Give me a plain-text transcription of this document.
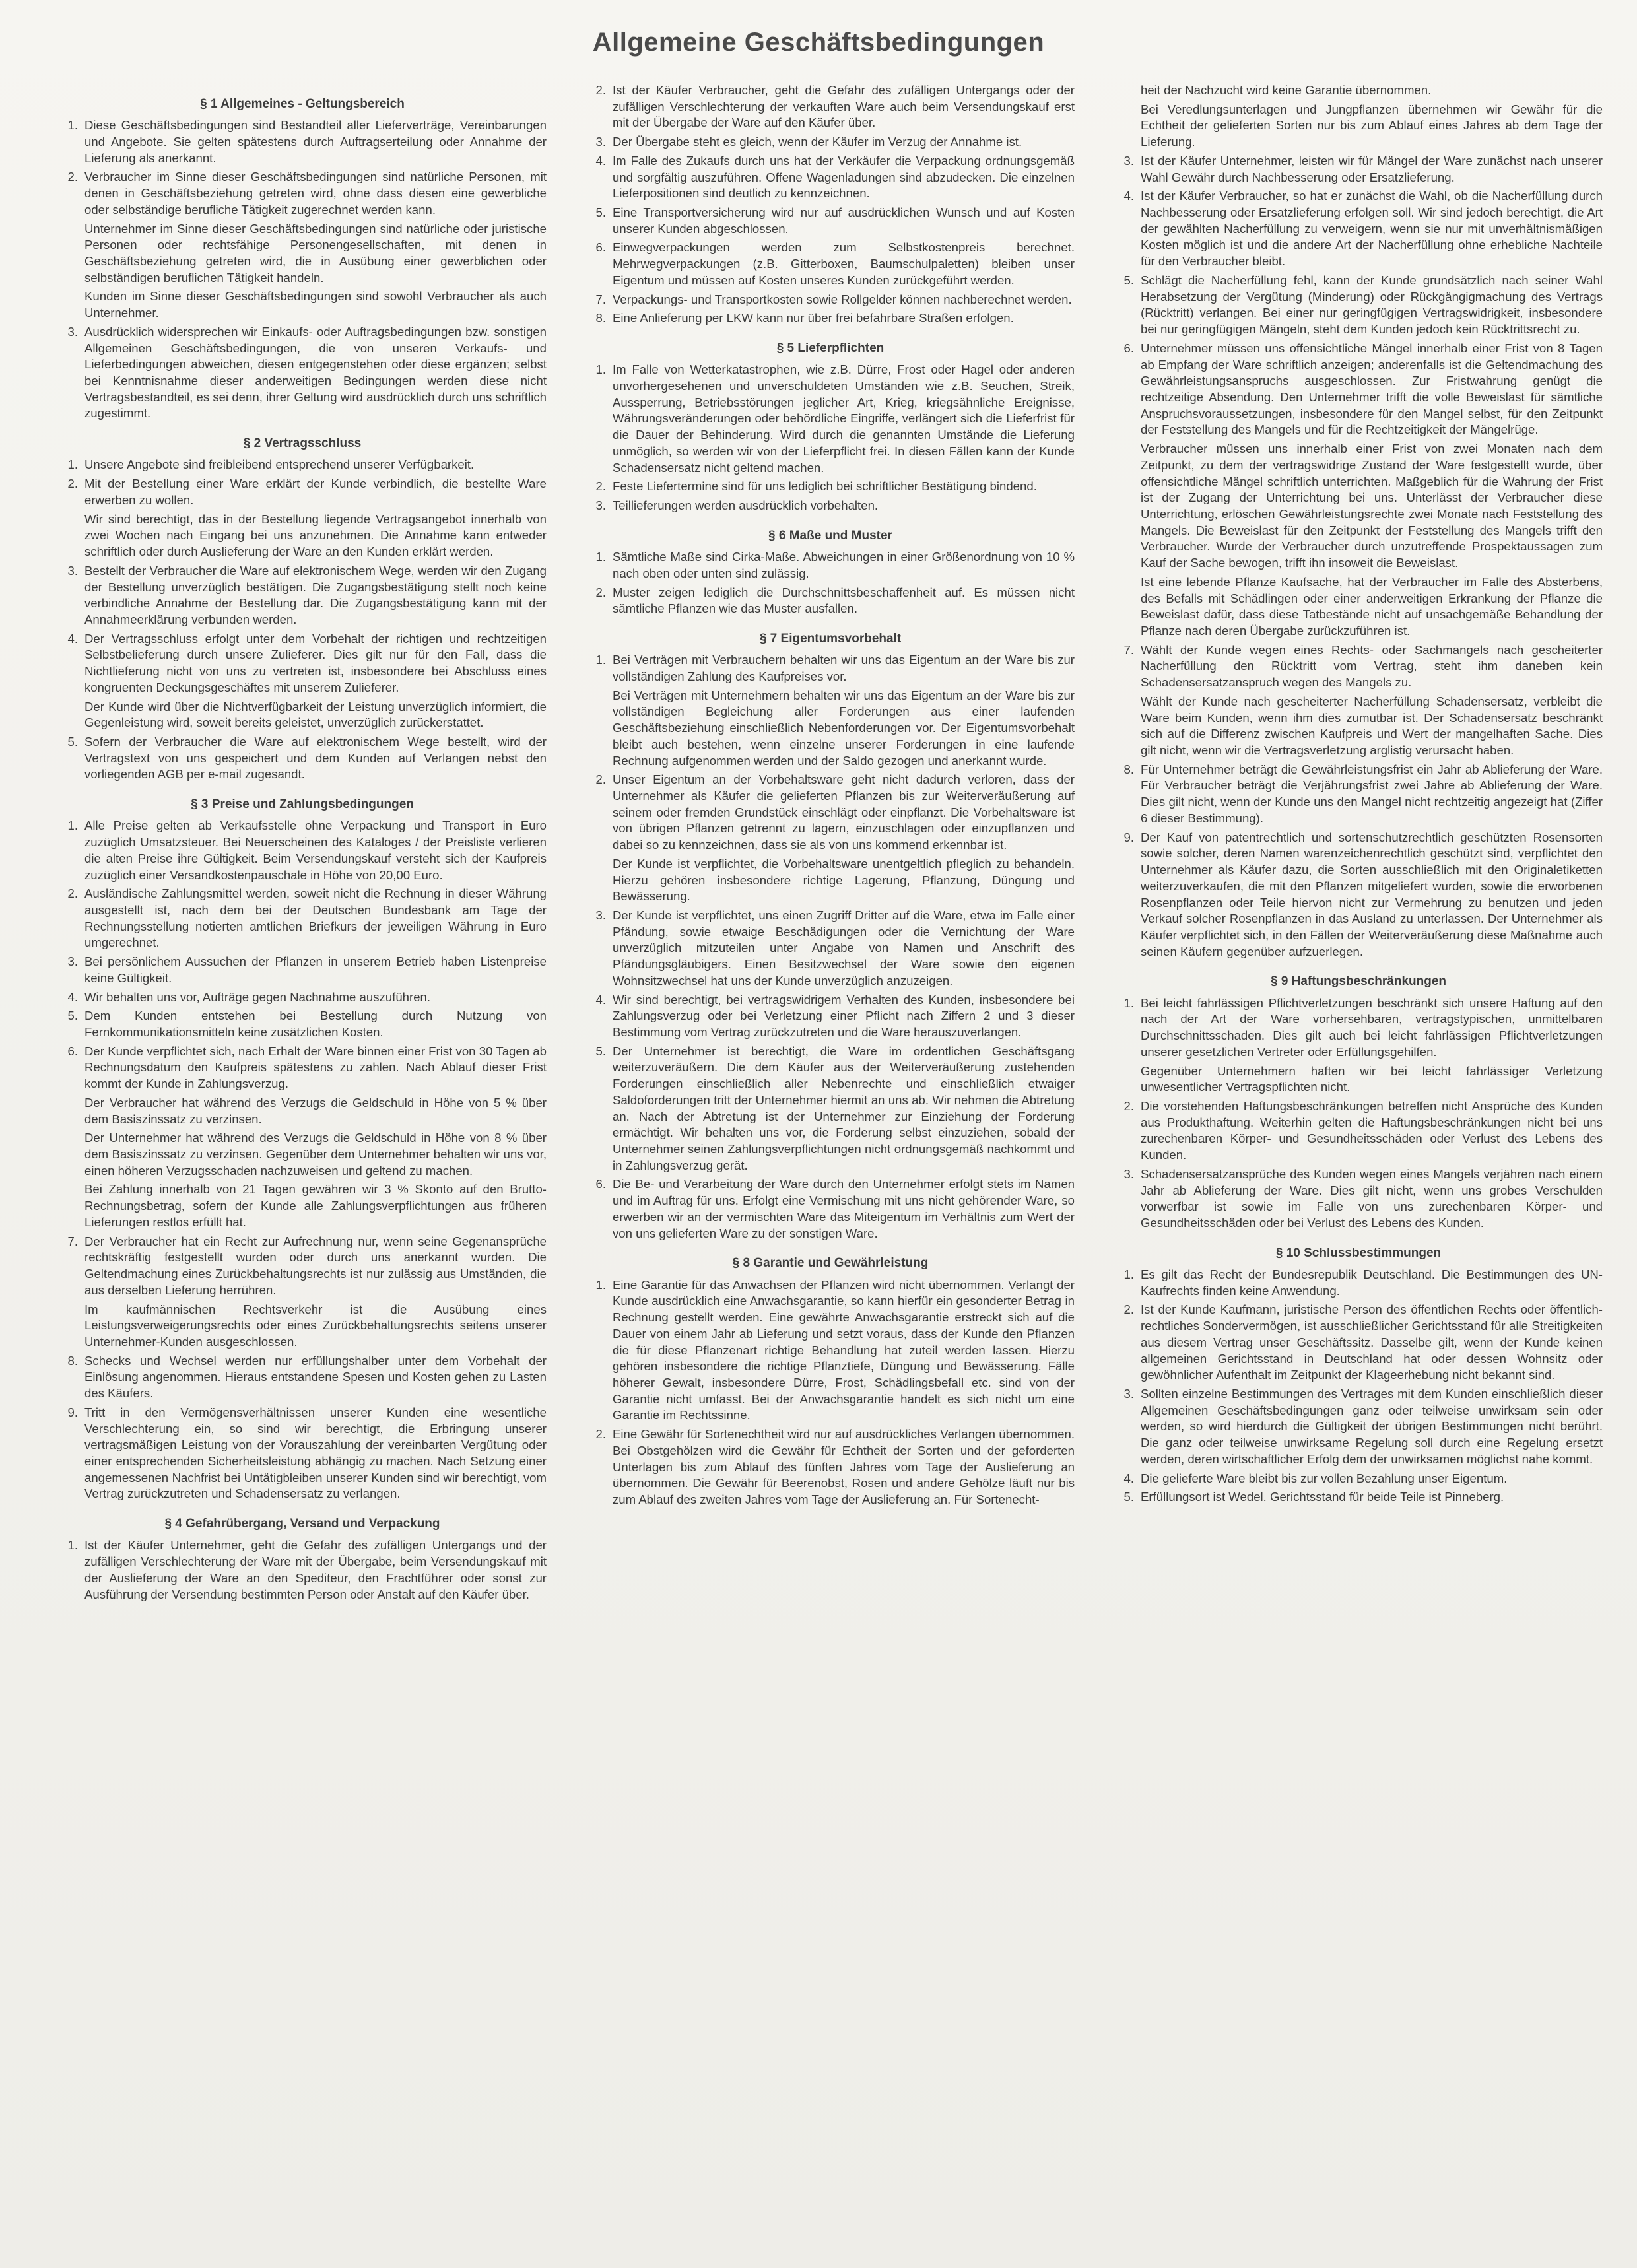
Allgemeine Geschäftsbedingungen
§ 1 Allgemeines - Geltungsbereich
1. Diese Geschäftsbedingungen sind Bestandteil aller Lieferverträge, Vereinbarungen und Angebote. Sie gelten spätestens durch Auftragserteilung oder Annahme der Lieferung als anerkannt.
2. Verbraucher im Sinne dieser Geschäftsbedingungen sind natürliche Personen, mit denen in Geschäftsbeziehung getreten wird, ohne dass diesen eine gewerbliche oder selbständige berufliche Tätigkeit zugerechnet werden kann.
Unternehmer im Sinne dieser Geschäftsbedingungen sind natürliche oder juristische Personen oder rechtsfähige Personengesellschaften, mit denen in Geschäftsbeziehung getreten wird, die in Ausübung einer gewerblichen oder selbständigen beruflichen Tätigkeit handeln.
Kunden im Sinne dieser Geschäftsbedingungen sind sowohl Verbraucher als auch Unternehmer.
3. Ausdrücklich widersprechen wir Einkaufs- oder Auftragsbedingungen bzw. sonstigen Allgemeinen Geschäftsbedingungen, die von unseren Verkaufs- und Lieferbedingungen abweichen, diesen entgegenstehen oder diese ergänzen; selbst bei Kenntnisnahme dieser anderweitigen Bedingungen werden diese nicht Vertragsbestandteil, es sei denn, ihrer Geltung wird ausdrücklich durch uns schriftlich zugestimmt.
§ 2 Vertragsschluss
1. Unsere Angebote sind freibleibend entsprechend unserer Verfügbarkeit.
2. Mit der Bestellung einer Ware erklärt der Kunde verbindlich, die bestellte Ware erwerben zu wollen.
Wir sind berechtigt, das in der Bestellung liegende Vertragsangebot innerhalb von zwei Wochen nach Eingang bei uns anzunehmen. Die Annahme kann entweder schriftlich oder durch Auslieferung der Ware an den Kunden erklärt werden.
3. Bestellt der Verbraucher die Ware auf elektronischem Wege, werden wir den Zugang der Bestellung unverzüglich bestätigen. Die Zugangsbestätigung stellt noch keine verbindliche Annahme der Bestellung dar. Die Zugangsbestätigung kann mit der Annahmeerklärung verbunden werden.
4. Der Vertragsschluss erfolgt unter dem Vorbehalt der richtigen und rechtzeitigen Selbstbelieferung durch unsere Zulieferer. Dies gilt nur für den Fall, dass die Nichtlieferung nicht von uns zu vertreten ist, insbesondere bei Abschluss eines kongruenten Deckungsgeschäftes mit unserem Zulieferer.
Der Kunde wird über die Nichtverfügbarkeit der Leistung unverzüglich informiert, die Gegenleistung wird, soweit bereits geleistet, unverzüglich zurückerstattet.
5. Sofern der Verbraucher die Ware auf elektronischem Wege bestellt, wird der Vertragstext von uns gespeichert und dem Kunden auf Verlangen nebst den vorliegenden AGB per e-mail zugesandt.
§ 3 Preise und Zahlungsbedingungen
1. Alle Preise gelten ab Verkaufsstelle ohne Verpackung und Transport in Euro zuzüglich Umsatzsteuer. Bei Neuerscheinen des Kataloges / der Preisliste verlieren die alten Preise ihre Gültigkeit. Beim Versendungskauf versteht sich der Kaufpreis zuzüglich einer Versandkostenpauschale in Höhe von 20,00 Euro.
2. Ausländische Zahlungsmittel werden, soweit nicht die Rechnung in dieser Währung ausgestellt ist, nach dem bei der Deutschen Bundesbank am Tage der Rechnungsstellung notierten amtlichen Briefkurs der jeweiligen Währung in Euro umgerechnet.
3. Bei persönlichem Aussuchen der Pflanzen in unserem Betrieb haben Listenpreise keine Gültigkeit.
4. Wir behalten uns vor, Aufträge gegen Nachnahme auszuführen.
5. Dem Kunden entstehen bei Bestellung durch Nutzung von Fernkommunikationsmitteln keine zusätzlichen Kosten.
6. Der Kunde verpflichtet sich, nach Erhalt der Ware binnen einer Frist von 30 Tagen ab Rechnungsdatum den Kaufpreis spätestens zu zahlen. Nach Ablauf dieser Frist kommt der Kunde in Zahlungsverzug.
Der Verbraucher hat während des Verzugs die Geldschuld in Höhe von 5 % über dem Basiszinssatz zu verzinsen.
Der Unternehmer hat während des Verzugs die Geldschuld in Höhe von 8 % über dem Basiszinssatz zu verzinsen. Gegenüber dem Unternehmer behalten wir uns vor, einen höheren Verzugsschaden nachzuweisen und geltend zu machen.
Bei Zahlung innerhalb von 21 Tagen gewähren wir 3 % Skonto auf den Brutto-Rechnungsbetrag, sofern der Kunde alle Zahlungsverpflichtungen aus früheren Lieferungen restlos erfüllt hat.
7. Der Verbraucher hat ein Recht zur Aufrechnung nur, wenn seine Gegenansprüche rechtskräftig festgestellt wurden oder durch uns anerkannt wurden. Die Geltendmachung eines Zurückbehaltungsrechts ist nur zulässig aus Umständen, die aus derselben Lieferung herrühren.
Im kaufmännischen Rechtsverkehr ist die Ausübung eines Leistungsverweigerungsrechts oder eines Zurückbehaltungsrechts seitens unserer Unternehmer-Kunden ausgeschlossen.
8. Schecks und Wechsel werden nur erfüllungshalber unter dem Vorbehalt der Einlösung angenommen. Hieraus entstandene Spesen und Kosten gehen zu Lasten des Käufers.
9. Tritt in den Vermögensverhältnissen unserer Kunden eine wesentliche Verschlechterung ein, so sind wir berechtigt, die Erbringung unserer vertragsmäßigen Leistung von der Vorauszahlung der vereinbarten Vergütung oder einer entsprechenden Sicherheitsleistung abhängig zu machen. Nach Setzung einer angemessenen Nachfrist bei Untätigbleiben unserer Kunden sind wir berechtigt, vom Vertrag zurückzutreten und Schadensersatz zu verlangen.
§ 4 Gefahrübergang, Versand und Verpackung
1. Ist der Käufer Unternehmer, geht die Gefahr des zufälligen Untergangs und der zufälligen Verschlechterung der Ware mit der Übergabe, beim Versendungskauf mit der Auslieferung der Ware an den Spediteur, den Frachtführer oder sonst zur Ausführung der Versendung bestimmten Person oder Anstalt auf den Käufer über.
2. Ist der Käufer Verbraucher, geht die Gefahr des zufälligen Untergangs oder der zufälligen Verschlechterung der verkauften Ware auch beim Versendungskauf erst mit der Übergabe der Ware auf den Käufer über.
3. Der Übergabe steht es gleich, wenn der Käufer im Verzug der Annahme ist.
4. Im Falle des Zukaufs durch uns hat der Verkäufer die Verpackung ordnungsgemäß und sorgfältig auszuführen. Offene Wagenladungen sind abzudecken. Die einzelnen Lieferpositionen sind deutlich zu kennzeichnen.
5. Eine Transportversicherung wird nur auf ausdrücklichen Wunsch und auf Kosten unserer Kunden abgeschlossen.
6. Einwegverpackungen werden zum Selbstkostenpreis berechnet. Mehrwegverpackungen (z.B. Gitterboxen, Baumschulpaletten) bleiben unser Eigentum und müssen auf Kosten unseres Kunden zurückgeführt werden.
7. Verpackungs- und Transportkosten sowie Rollgelder können nachberechnet werden.
8. Eine Anlieferung per LKW kann nur über frei befahrbare Straßen erfolgen.
§ 5 Lieferpflichten
1. Im Falle von Wetterkatastrophen, wie z.B. Dürre, Frost oder Hagel oder anderen unvorhergesehenen und unverschuldeten Umständen wie z.B. Seuchen, Streik, Aussperrung, Betriebsstörungen jeglicher Art, Krieg, kriegsähnliche Ereignisse, Währungsveränderungen oder behördliche Eingriffe, verlängert sich die Lieferfrist für die Dauer der Behinderung. Wird durch die genannten Umstände die Lieferung unmöglich, so werden wir von der Lieferpflicht frei. In diesen Fällen kann der Kunde Schadensersatz nicht geltend machen.
2. Feste Liefertermine sind für uns lediglich bei schriftlicher Bestätigung bindend.
3. Teillieferungen werden ausdrücklich vorbehalten.
§ 6 Maße und Muster
1. Sämtliche Maße sind Cirka-Maße. Abweichungen in einer Größenordnung von 10 % nach oben oder unten sind zulässig.
2. Muster zeigen lediglich die Durchschnittsbeschaffenheit auf. Es müssen nicht sämtliche Pflanzen wie das Muster ausfallen.
§ 7 Eigentumsvorbehalt
1. Bei Verträgen mit Verbrauchern behalten wir uns das Eigentum an der Ware bis zur vollständigen Zahlung des Kaufpreises vor.
Bei Verträgen mit Unternehmern behalten wir uns das Eigentum an der Ware bis zur vollständigen Begleichung aller Forderungen aus einer laufenden Geschäftsbeziehung einschließlich Nebenforderungen vor. Der Eigentumsvorbehalt bleibt auch bestehen, wenn einzelne unserer Forderungen in eine laufende Rechnung aufgenommen werden und der Saldo gezogen und anerkannt wurde.
2. Unser Eigentum an der Vorbehaltsware geht nicht dadurch verloren, dass der Unternehmer als Käufer die gelieferten Pflanzen bis zur Weiterveräußerung auf seinem oder fremden Grundstück einschlägt oder einpflanzt. Die Vorbehaltsware ist von übrigen Pflanzen getrennt zu lagern, einzuschlagen oder einzupflanzen und dabei so zu kennzeichnen, dass sie als von uns kommend erkennbar ist.
Der Kunde ist verpflichtet, die Vorbehaltsware unentgeltlich pfleglich zu behandeln. Hierzu gehören insbesondere richtige Lagerung, Pflanzung, Düngung und Bewässerung.
3. Der Kunde ist verpflichtet, uns einen Zugriff Dritter auf die Ware, etwa im Falle einer Pfändung, sowie etwaige Beschädigungen oder die Vernichtung der Ware unverzüglich mitzuteilen unter Angabe von Namen und Anschrift des Pfändungsgläubigers. Einen Besitzwechsel der Ware sowie den eigenen Wohnsitzwechsel hat uns der Kunde unverzüglich anzuzeigen.
4. Wir sind berechtigt, bei vertragswidrigem Verhalten des Kunden, insbesondere bei Zahlungsverzug oder bei Verletzung einer Pflicht nach Ziffern 2 und 3 dieser Bestimmung vom Vertrag zurückzutreten und die Ware herauszuverlangen.
5. Der Unternehmer ist berechtigt, die Ware im ordentlichen Geschäftsgang weiterzuveräußern. Die dem Käufer aus der Weiterveräußerung zustehenden Forderungen einschließlich aller Nebenrechte und einschließlich etwaiger Saldoforderungen tritt der Unternehmer hiermit an uns ab. Wir nehmen die Abtretung an. Nach der Abtretung ist der Unternehmer zur Einziehung der Forderung ermächtigt. Wir behalten uns vor, die Forderung selbst einzuziehen, sobald der Unternehmer seinen Zahlungsverpflichtungen nicht ordnungsgemäß nachkommt und in Zahlungsverzug gerät.
6. Die Be- und Verarbeitung der Ware durch den Unternehmer erfolgt stets im Namen und im Auftrag für uns. Erfolgt eine Vermischung mit uns nicht gehörender Ware, so erwerben wir an der vermischten Ware das Miteigentum im Verhältnis zum Wert der von uns gelieferten Ware zu der sonstigen Ware.
§ 8 Garantie und Gewährleistung
1. Eine Garantie für das Anwachsen der Pflanzen wird nicht übernommen. Verlangt der Kunde ausdrücklich eine Anwachsgarantie, so kann hierfür ein gesonderter Betrag in Rechnung gestellt werden. Eine gewährte Anwachsgarantie erstreckt sich auf die Dauer von einem Jahr ab Lieferung und setzt voraus, dass der Kunde den Pflanzen die für diese Pflanzenart richtige Behandlung hat zuteil werden lassen. Hierzu gehören insbesondere die richtige Pflanztiefe, Düngung und Bewässerung. Fälle höherer Gewalt, insbesondere Dürre, Frost, Schädlingsbefall etc. sind von der Garantie nicht umfasst. Bei der Anwachsgarantie handelt es sich nicht um eine Garantie im Rechtssinne.
2. Eine Gewähr für Sortenechtheit wird nur auf ausdrückliches Verlangen übernommen. Bei Obstgehölzen wird die Gewähr für Echtheit der Sorten und der geforderten Unterlagen bis zum Ablauf des fünften Jahres vom Tage der Auslieferung an übernommen. Die Gewähr für Beerenobst, Rosen und andere Gehölze läuft nur bis zum Ablauf des zweiten Jahres vom Tage der Auslieferung an. Für Sortenecht-
heit der Nachzucht wird keine Garantie übernommen.
Bei Veredlungsunterlagen und Jungpflanzen übernehmen wir Gewähr für die Echtheit der gelieferten Sorten nur bis zum Ablauf eines Jahres ab dem Tage der Lieferung.
3. Ist der Käufer Unternehmer, leisten wir für Mängel der Ware zunächst nach unserer Wahl Gewähr durch Nachbesserung oder Ersatzlieferung.
4. Ist der Käufer Verbraucher, so hat er zunächst die Wahl, ob die Nacherfüllung durch Nachbesserung oder Ersatzlieferung erfolgen soll. Wir sind jedoch berechtigt, die Art der gewählten Nacherfüllung zu verweigern, wenn sie nur mit unverhältnismäßigen Kosten möglich ist und die andere Art der Nacherfüllung ohne erhebliche Nachteile für den Verbraucher bleibt.
5. Schlägt die Nacherfüllung fehl, kann der Kunde grundsätzlich nach seiner Wahl Herabsetzung der Vergütung (Minderung) oder Rückgängigmachung des Vertrags (Rücktritt) verlangen. Bei einer nur geringfügigen Vertragswidrigkeit, insbesondere bei nur geringfügigen Mängeln, steht dem Kunden jedoch kein Rücktrittsrecht zu.
6. Unternehmer müssen uns offensichtliche Mängel innerhalb einer Frist von 8 Tagen ab Empfang der Ware schriftlich anzeigen; anderenfalls ist die Geltendmachung des Gewährleistungsanspruchs ausgeschlossen. Zur Fristwahrung genügt die rechtzeitige Absendung. Den Unternehmer trifft die volle Beweislast für sämtliche Anspruchsvoraussetzungen, insbesondere für den Mangel selbst, für den Zeitpunkt der Feststellung des Mangels und für die Rechtzeitigkeit der Mängelrüge.
Verbraucher müssen uns innerhalb einer Frist von zwei Monaten nach dem Zeitpunkt, zu dem der vertragswidrige Zustand der Ware festgestellt wurde, über offensichtliche Mängel schriftlich unterrichten. Maßgeblich für die Wahrung der Frist ist der Zugang der Unterrichtung bei uns. Unterlässt der Verbraucher diese Unterrichtung, erlöschen Gewährleistungsrechte zwei Monate nach Feststellung des Mangels. Die Beweislast für den Zeitpunkt der Feststellung des Mangels trifft den Verbraucher. Wurde der Verbraucher durch unzutreffende Prospektaussagen zum Kauf der Sache bewogen, trifft ihn insoweit die Beweislast.
Ist eine lebende Pflanze Kaufsache, hat der Verbraucher im Falle des Absterbens, des Befalls mit Schädlingen oder einer anderweitigen Erkrankung der Pflanze die Beweislast dafür, dass diese Tatbestände nicht auf unsachgemäße Behandlung der Pflanze nach deren Übergabe zurückzuführen ist.
7. Wählt der Kunde wegen eines Rechts- oder Sachmangels nach gescheiterter Nacherfüllung den Rücktritt vom Vertrag, steht ihm daneben kein Schadensersatzanspruch wegen des Mangels zu.
Wählt der Kunde nach gescheiterter Nacherfüllung Schadensersatz, verbleibt die Ware beim Kunden, wenn ihm dies zumutbar ist. Der Schadensersatz beschränkt sich auf die Differenz zwischen Kaufpreis und Wert der mangelhaften Sache. Dies gilt nicht, wenn wir die Vertragsverletzung arglistig verursacht haben.
8. Für Unternehmer beträgt die Gewährleistungsfrist ein Jahr ab Ablieferung der Ware. Für Verbraucher beträgt die Verjährungsfrist zwei Jahre ab Ablieferung der Ware. Dies gilt nicht, wenn der Kunde uns den Mangel nicht rechtzeitig angezeigt hat (Ziffer 6 dieser Bestimmung).
9. Der Kauf von patentrechtlich und sortenschutzrechtlich geschützten Rosensorten sowie solcher, deren Namen warenzeichenrechtlich geschützt sind, verpflichtet den Unternehmer als Käufer dazu, die Sorten ausschließlich mit den Originaletiketten weiterzuverkaufen, die mit den Pflanzen mitgeliefert wurden, sowie die erworbenen Rosenpflanzen oder Teile hiervon nicht zur Vermehrung zu benutzen und jeden Verkauf solcher Rosenpflanzen in das Ausland zu unterlassen. Der Unternehmer als Käufer verpflichtet sich, in den Fällen der Weiterveräußerung diese Maßnahme auch seinen Käufern gegenüber aufzuerlegen.
§ 9 Haftungsbeschränkungen
1. Bei leicht fahrlässigen Pflichtverletzungen beschränkt sich unsere Haftung auf den nach der Art der Ware vorhersehbaren, vertragstypischen, unmittelbaren Durchschnittsschaden. Dies gilt auch bei leicht fahrlässigen Pflichtverletzungen unserer gesetzlichen Vertreter oder Erfüllungsgehilfen.
Gegenüber Unternehmern haften wir bei leicht fahrlässiger Verletzung unwesentlicher Vertragspflichten nicht.
2. Die vorstehenden Haftungsbeschränkungen betreffen nicht Ansprüche des Kunden aus Produkthaftung. Weiterhin gelten die Haftungsbeschränkungen nicht bei uns zurechenbaren Körper- und Gesundheitsschäden oder Verlust des Lebens des Kunden.
3. Schadensersatzansprüche des Kunden wegen eines Mangels verjähren nach einem Jahr ab Ablieferung der Ware. Dies gilt nicht, wenn uns grobes Verschulden vorwerfbar ist sowie im Falle von uns zurechenbaren Körper- und Gesundheitsschäden oder bei Verlust des Lebens des Kunden.
§ 10 Schlussbestimmungen
1. Es gilt das Recht der Bundesrepublik Deutschland. Die Bestimmungen des UN-Kaufrechts finden keine Anwendung.
2. Ist der Kunde Kaufmann, juristische Person des öffentlichen Rechts oder öffentlich-rechtliches Sondervermögen, ist ausschließlicher Gerichtsstand für alle Streitigkeiten aus diesem Vertrag unser Geschäftssitz. Dasselbe gilt, wenn der Kunde keinen allgemeinen Gerichtsstand in Deutschland hat oder dessen Wohnsitz oder gewöhnlicher Aufenthalt im Zeitpunkt der Klageerhebung nicht bekannt sind.
3. Sollten einzelne Bestimmungen des Vertrages mit dem Kunden einschließlich dieser Allgemeinen Geschäftsbedingungen ganz oder teilweise unwirksam sein oder werden, so wird hierdurch die Gültigkeit der übrigen Bestimmungen nicht berührt. Die ganz oder teilweise unwirksame Regelung soll durch eine Regelung ersetzt werden, deren wirtschaftlicher Erfolg dem der unwirksamen möglichst nahe kommt.
4. Die gelieferte Ware bleibt bis zur vollen Bezahlung unser Eigentum.
5. Erfüllungsort ist Wedel. Gerichtsstand für beide Teile ist Pinneberg.
